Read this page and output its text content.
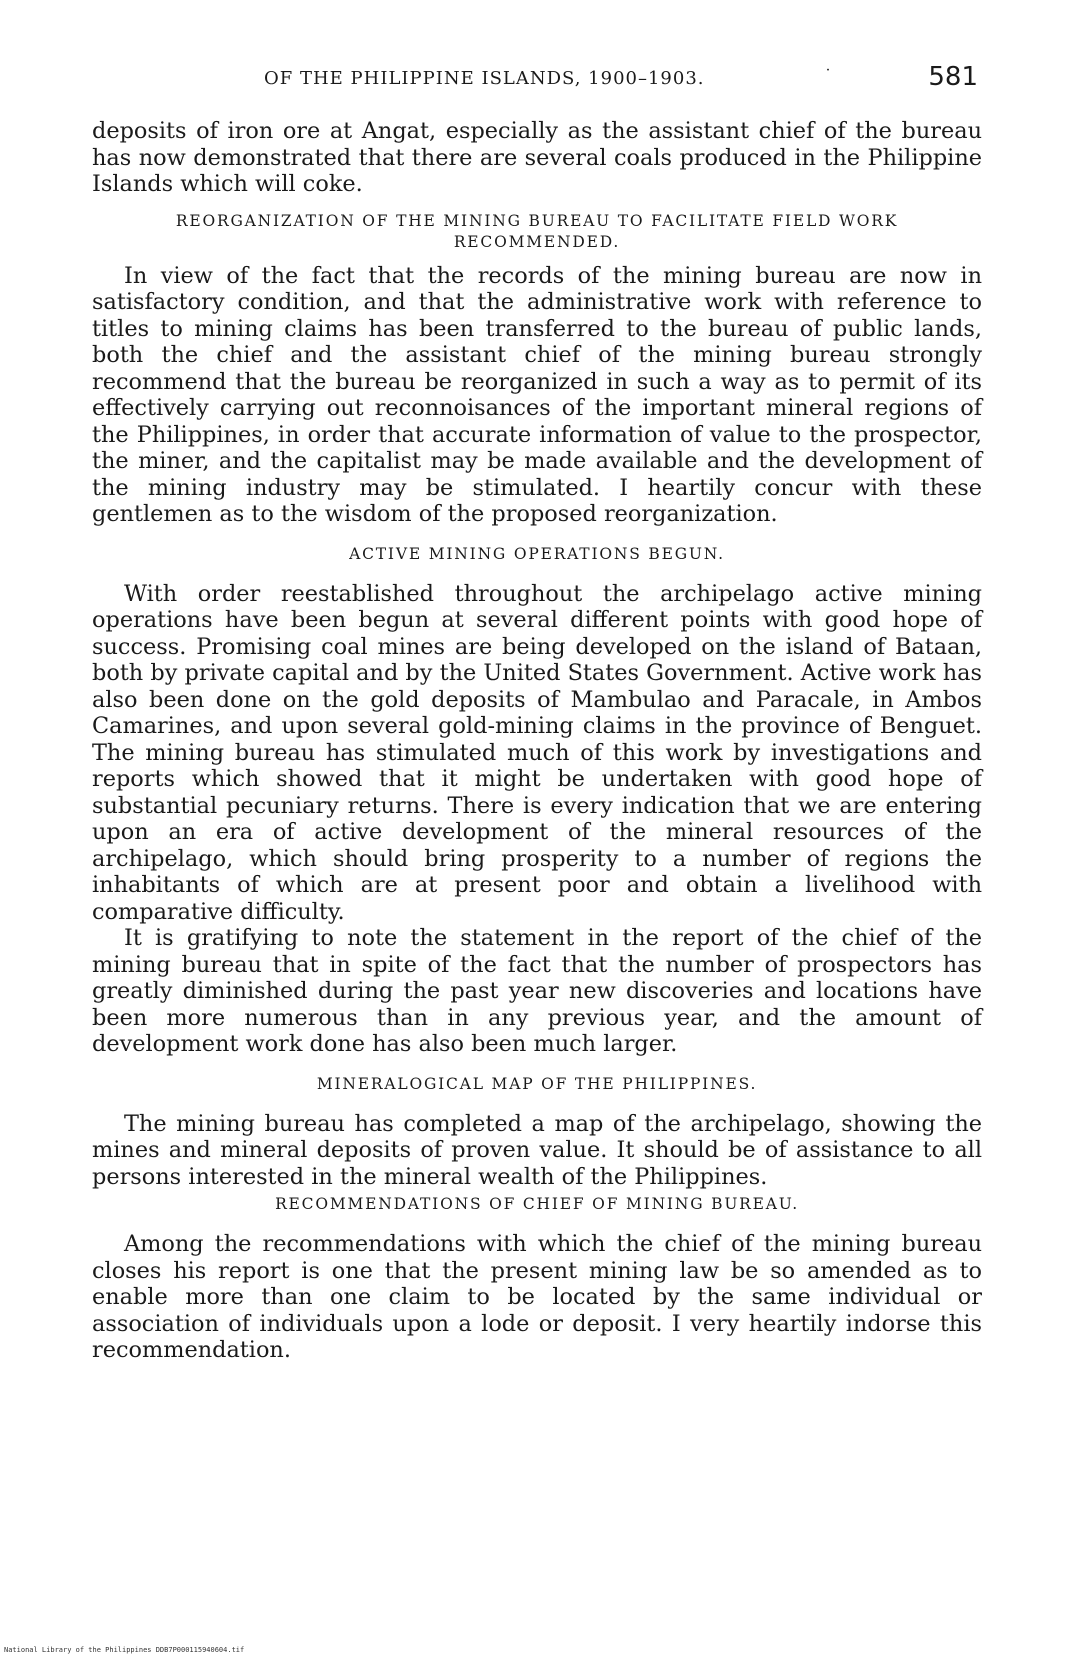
OF THE PHILIPPINE ISLANDS, 1900–1903.	˙	581

deposits of iron ore at Angat, especially as the assistant chief of the bureau has now demonstrated that there are several coals produced in the Philippine Islands which will coke.

REORGANIZATION OF THE MINING BUREAU TO FACILITATE FIELD WORK RECOMMENDED.

In view of the fact that the records of the mining bureau are now in satisfactory condition, and that the administrative work with reference to titles to mining claims has been transferred to the bureau of public lands, both the chief and the assistant chief of the mining bureau strongly recommend that the bureau be reorganized in such a way as to permit of its effectively carrying out reconnoisances of the important mineral regions of the Philippines, in order that accurate information of value to the prospector, the miner, and the capitalist may be made available and the development of the mining industry may be stimulated. I heartily concur with these gentlemen as to the wisdom of the proposed reorganization.

ACTIVE MINING OPERATIONS BEGUN.

With order reestablished throughout the archipelago active mining operations have been begun at several different points with good hope of success. Promising coal mines are being developed on the island of Bataan, both by private capital and by the United States Government. Active work has also been done on the gold deposits of Mambulao and Paracale, in Ambos Camarines, and upon several gold-mining claims in the province of Benguet. The mining bureau has stimulated much of this work by investigations and reports which showed that it might be undertaken with good hope of substantial pecuniary returns. There is every indication that we are entering upon an era of active development of the mineral resources of the archipelago, which should bring prosperity to a number of regions the inhabitants of which are at present poor and obtain a livelihood with comparative difficulty.

It is gratifying to note the statement in the report of the chief of the mining bureau that in spite of the fact that the number of prospectors has greatly diminished during the past year new discoveries and locations have been more numerous than in any previous year, and the amount of development work done has also been much larger.

MINERALOGICAL MAP OF THE PHILIPPINES.

The mining bureau has completed a map of the archipelago, showing the mines and mineral deposits of proven value. It should be of assistance to all persons interested in the mineral wealth of the Philippines.

RECOMMENDATIONS OF CHIEF OF MINING BUREAU.

Among the recommendations with which the chief of the mining bureau closes his report is one that the present mining law be so amended as to enable more than one claim to be located by the same individual or association of individuals upon a lode or deposit. I very heartily indorse this recommendation.

National Library of the Philippines DDB7P000115940604.tif
